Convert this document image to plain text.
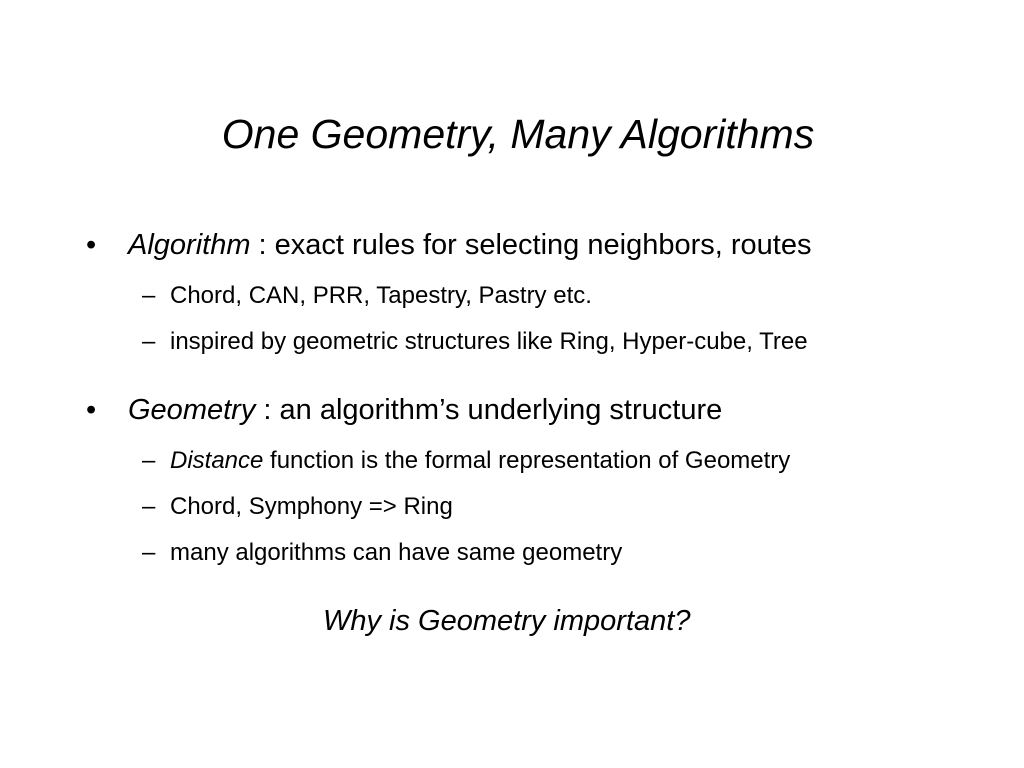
One Geometry, Many Algorithms
• Algorithm : exact rules for selecting neighbors, routes
– Chord, CAN, PRR, Tapestry, Pastry etc.
– inspired by geometric structures like Ring, Hyper-cube, Tree
• Geometry : an algorithm’s underlying structure
– Distance function is the formal representation of Geometry
– Chord, Symphony => Ring
– many algorithms can have same geometry
Why is Geometry important?
